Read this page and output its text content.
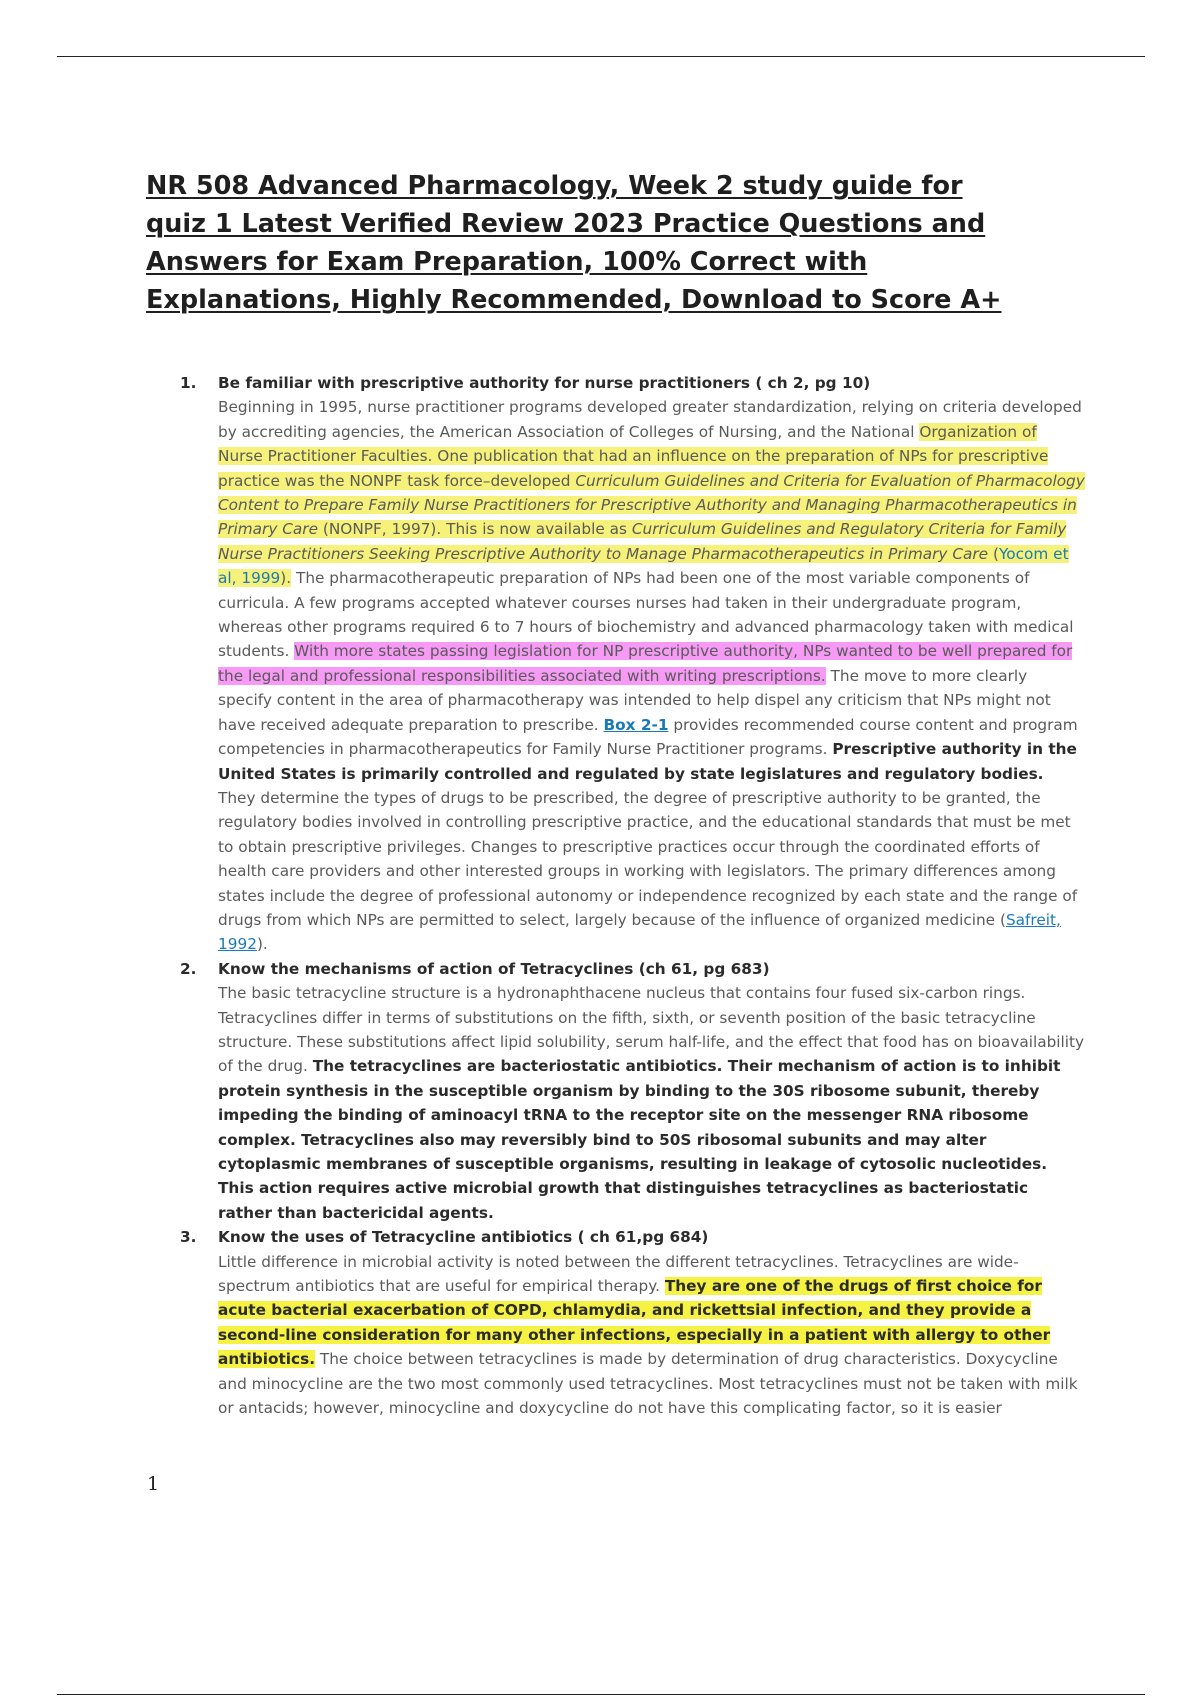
NR 508 Advanced Pharmacology, Week 2 study guide for quiz 1 Latest Verified Review 2023 Practice Questions and Answers for Exam Preparation, 100% Correct with Explanations, Highly Recommended, Download to Score A+
1. Be familiar with prescriptive authority for nurse practitioners ( ch 2, pg 10)

Beginning in 1995, nurse practitioner programs developed greater standardization, relying on criteria developed by accrediting agencies, the American Association of Colleges of Nursing, and the National Organization of Nurse Practitioner Faculties. One publication that had an influence on the preparation of NPs for prescriptive practice was the NONPF task force–developed Curriculum Guidelines and Criteria for Evaluation of Pharmacology Content to Prepare Family Nurse Practitioners for Prescriptive Authority and Managing Pharmacotherapeutics in Primary Care (NONPF, 1997). This is now available as Curriculum Guidelines and Regulatory Criteria for Family Nurse Practitioners Seeking Prescriptive Authority to Manage Pharmacotherapeutics in Primary Care (Yocom et al, 1999). The pharmacotherapeutic preparation of NPs had been one of the most variable components of curricula. A few programs accepted whatever courses nurses had taken in their undergraduate program, whereas other programs required 6 to 7 hours of biochemistry and advanced pharmacology taken with medical students. With more states passing legislation for NP prescriptive authority, NPs wanted to be well prepared for the legal and professional responsibilities associated with writing prescriptions. The move to more clearly specify content in the area of pharmacotherapy was intended to help dispel any criticism that NPs might not have received adequate preparation to prescribe. Box 2-1 provides recommended course content and program competencies in pharmacotherapeutics for Family Nurse Practitioner programs. Prescriptive authority in the United States is primarily controlled and regulated by state legislatures and regulatory bodies. They determine the types of drugs to be prescribed, the degree of prescriptive authority to be granted, the regulatory bodies involved in controlling prescriptive practice, and the educational standards that must be met to obtain prescriptive privileges. Changes to prescriptive practices occur through the coordinated efforts of health care providers and other interested groups in working with legislators. The primary differences among states include the degree of professional autonomy or independence recognized by each state and the range of drugs from which NPs are permitted to select, largely because of the influence of organized medicine (Safreit, 1992).

2. Know the mechanisms of action of Tetracyclines (ch 61, pg 683)

The basic tetracycline structure is a hydronaphthacene nucleus that contains four fused six-carbon rings. Tetracyclines differ in terms of substitutions on the fifth, sixth, or seventh position of the basic tetracycline structure. These substitutions affect lipid solubility, serum half-life, and the effect that food has on bioavailability of the drug. The tetracyclines are bacteriostatic antibiotics. Their mechanism of action is to inhibit protein synthesis in the susceptible organism by binding to the 30S ribosome subunit, thereby impeding the binding of aminoacyl tRNA to the receptor site on the messenger RNA ribosome complex. Tetracyclines also may reversibly bind to 50S ribosomal subunits and may alter cytoplasmic membranes of susceptible organisms, resulting in leakage of cytosolic nucleotides. This action requires active microbial growth that distinguishes tetracyclines as bacteriostatic rather than bactericidal agents.

3. Know the uses of Tetracycline antibiotics ( ch 61,pg 684)

Little difference in microbial activity is noted between the different tetracyclines. Tetracyclines are wide-spectrum antibiotics that are useful for empirical therapy. They are one of the drugs of first choice for acute bacterial exacerbation of COPD, chlamydia, and rickettsial infection, and they provide a second-line consideration for many other infections, especially in a patient with allergy to other antibiotics. The choice between tetracyclines is made by determination of drug characteristics. Doxycycline and minocycline are the two most commonly used tetracyclines. Most tetracyclines must not be taken with milk or antacids; however, minocycline and doxycycline do not have this complicating factor, so it is easier

1
